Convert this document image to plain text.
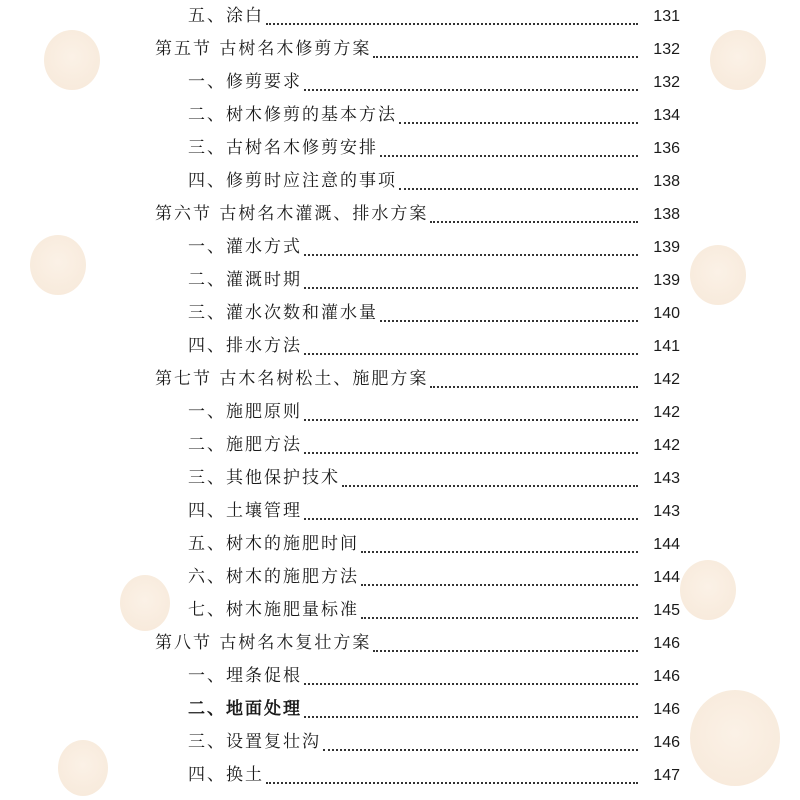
五、涂白	131
第五节 古树名木修剪方案	132
一、修剪要求	132
二、树木修剪的基本方法	134
三、古树名木修剪安排	136
四、修剪时应注意的事项	138
第六节 古树名木灌溉、排水方案	138
一、灌水方式	139
二、灌溉时期	139
三、灌水次数和灌水量	140
四、排水方法	141
第七节 古木名树松土、施肥方案	142
一、施肥原则	142
二、施肥方法	142
三、其他保护技术	143
四、土壤管理	143
五、树木的施肥时间	144
六、树木的施肥方法	144
七、树木施肥量标准	145
第八节 古树名木复壮方案	146
一、埋条促根	146
二、地面处理	146
三、设置复壮沟	146
四、换土	147
